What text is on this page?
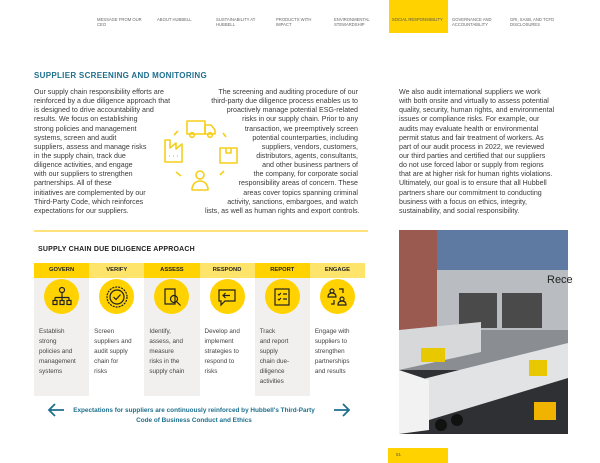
MESSAGE FROM OUR CEO
ABOUT HUBBELL	SUSTAINABILITY AT HUBBELL
PRODUCTS WITH IMPACT
ENVIRONMENTAL STEWARDSHIP
SOCIAL RESPONSIBILITY	GOVERNANCE AND ACCOUNTABILITY
GRI, SASB, AND TCFD DISCLOSURES
SUPPLIER SCREENING AND MONITORING
Our supply chain responsibility efforts are
reinforced by a due diligence approach that
is designed to drive accountability and
results. We focus on establishing
strong policies and management
systems, screen and audit
suppliers, assess and manage risks
in the supply chain, track due
diligence activities, and engage
with our suppliers to strengthen
partnerships. All of these
initiatives are complemented by our
Third-Party Code, which reinforces
expectations for our suppliers.
The screening and auditing procedure of our
third-party due diligence process enables us to
proactively manage potential ESG-related
risks in our supply chain. Prior to any
transaction, we preemptively screen
potential counterparties, including
suppliers, vendors, customers,
distributors, agents, consultants,
and other business partners of
the company, for corporate social
responsibility areas of concern. These
areas cover topics spanning criminal
activity, sanctions, embargoes, and watch
lists, as well as human rights and export controls.
We also audit international suppliers we work
with both onsite and virtually to assess potential
quality, security, human rights, and environmental
issues or compliance risks. For example, our
audits may evaluate health or environmental
permit status and fair treatment of workers. As
part of our audit process in 2022, we reviewed
our third parties and certified that our suppliers
do not use forced labor or supply from regions
that are at higher risk for human rights violations.
Ultimately, our goal is to ensure that all Hubbell
partners share our commitment to conducting
business with a focus on ethics, integrity,
sustainability, and social responsibility.
SUPPLY CHAIN DUE DILIGENCE APPROACH
GOVERN
Establish
strong
policies and
management
systems
VERIFY
Screen
suppliers and
audit supply
chain for
risks
ASSESS
Identify,
assess, and
measure
risks in the
supply chain
RESPOND
Develop and
implement
strategies to
respond to
risks
REPORT
Track
and report
supply
chain due-
diligence
activities
ENGAGE
Engage with
suppliers to
strengthen
partnerships
and results
Expectations for suppliers are continuously reinforced by Hubbell's Third-Party Code of Business Conduct and Ethics
Rece
51
